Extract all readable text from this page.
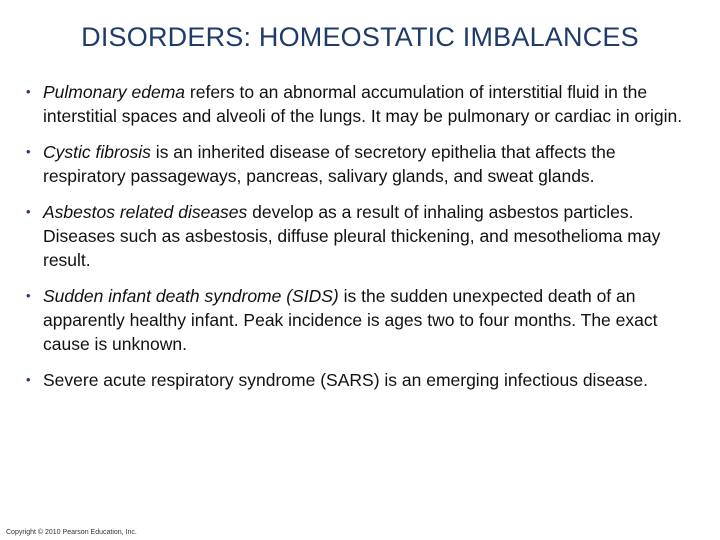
DISORDERS: HOMEOSTATIC IMBALANCES
• Pulmonary edema refers to an abnormal accumulation of interstitial fluid in the interstitial spaces and alveoli of the lungs. It may be pulmonary or cardiac in origin.
• Cystic fibrosis is an inherited disease of secretory epithelia that affects the respiratory passageways, pancreas, salivary glands, and sweat glands.
• Asbestos related diseases develop as a result of inhaling asbestos particles. Diseases such as asbestosis, diffuse pleural thickening, and mesothelioma may result.
• Sudden infant death syndrome (SIDS) is the sudden unexpected death of an apparently healthy infant. Peak incidence is ages two to four months. The exact cause is unknown.
• Severe acute respiratory syndrome (SARS) is an emerging infectious disease.
Copyright © 2010 Pearson Education, Inc.
